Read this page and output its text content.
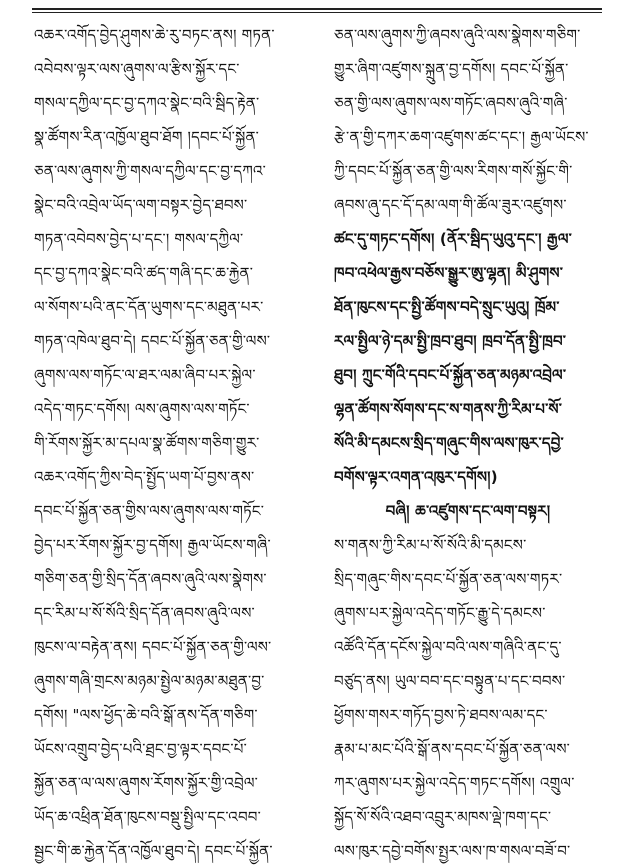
འཆར་འགོད་བྱེད་ཤུགས་ཆེ་རུ་བཏང་ནས། གཏན་
འབེབས་ལྟར་ལས་ཞུགས་ལ་རྩིས་སྐྱོར་དང་
གསལ་དཀྱིལ་དང་བྱ་དཀའ་སྣེང་བའི་སྦིད་རྟེན་
སྣ་ཚོགས་རིན་འཁྱོལ་ཐུབ་ཐོག །དབང་པོ་སྐྱོན་
ཅན་ལས་ཞུགས་ཀྱི་གསལ་དཀྱིལ་དང་བྱ་དཀའ་
སྣེང་བའི་འབྲེལ་ཡོད་ལག་བསྟར་བྱེད་ཐབས་
གཏན་འབེབས་བྱེད་པ་དང་། གསལ་དཀྱིལ་
དང་བྱ་དཀའ་སྣེང་བའི་ཚད་གཞི་དང་ཆ་རྐྱེན་
ལ་སོགས་པའི་ནང་དོན་ཡུགས་དང་མཐུན་པར་
གཏན་འཁེལ་ཐུབ་དེ། དབང་པོ་སྐྱོན་ཅན་གྱི་ལས་
ཞུགས་ལས་གཏོང་ལ་ཐར་ལམ་ཞིབ་པར་སྐྱེལ་
འདེད་གཏང་དགོས། ལས་ཞུགས་ལས་གཏོང་
གི་རོགས་སྐྱོར་མ་དཔལ་སྣ་ཚོགས་གཅིག་གྱུར་
འཆར་འགོད་ཀྱིས་བེད་སྤྱོད་ཡག་པོ་བྱས་ནས་
དབང་པོ་སྐྱོན་ཅན་གྱིས་ལས་ཞུགས་ལས་གཏོང་
བྱེད་པར་རོགས་སྐྱོར་བྱ་དགོས། རྒྱལ་ཡོངས་གཞི་
གཅིག་ཅན་གྱི་སྲིད་དོན་ཞབས་ཞུའི་ལས་སྣེགས་
དང་རིམ་པ་སོ་སོའི་སྲིད་དོན་ཞབས་ཞུའི་ལས་
ཁུངས་ལ་བརྟེན་ནས། དབང་པོ་སྐྱོན་ཅན་གྱི་ལས་
ཞུགས་གཞི་གྲངས་མཉམ་སྤྱེལ་མཉམ་མཐུན་བྱ་
དགོས། "ལས་ཕྱོད་ཆེ་བའི་སྒོ་ནས་དོན་གཅིག་
ཡོངས་འགྲུབ་བྱེད་པའི་ཐྲང་བྱ་ལྟར་དབང་པོ་
སྐྱོན་ཅན་ལ་ལས་ཞུགས་རོགས་སྐྱོར་གྱི་འབྲེལ་
ཡོད་ཆ་འཕྲིན་ཐོན་ཁུངས་བསྡུ་སྤྱིལ་དང་འབབ་
སྦྱང་གི་ཆ་རྐྱེན་དོན་འཁྱོལ་ཐུབ་དེ། དབང་པོ་སྐྱོན་
ཅན་ལས་ཞུགས་ཀྱི་ཞབས་ཞུའི་ལས་སྣེགས་གཅིག་
གྱུར་ཞིག་འཛུགས་སྐྲུན་བྱ་དགོས། དབང་པོ་སྐྱོན་
ཅན་གྱི་ལས་ཞུགས་ལས་གཏོང་ཞབས་ཞུའི་གཞི་
རྩེ་ན་གྱི་དཀར་ཆག་འཛུགས་ཚང་དང་། རྒྱལ་ཡོངས་
ཀྱི་དབང་པོ་སྐྱོན་ཅན་གྱི་ལས་རིགས་གསོ་སྐྱོང་གི་
ཞབས་ཞུ་དང་དོ་དམ་ལག་གི་ཚོལ་ཟུར་འཛུགས་
ཚང་དུ་གཏང་དགོས། (ནོར་སྦིད་ཡུའུ་དང་། རྒྱལ་
ཁབ་འཕེལ་རྒྱས་བཅོས་སྒྱུར་ཨུ་ལྷན། མི་ཤུགས་
ཐོན་ཁུངས་དང་སྤྱི་ཚོགས་བདེ་སྲུང་ཡུའུ། ཁྲོམ་
རལ་སྤྱིལ་ཉེ་དམ་སྤྱི་ཁྲབ་ཐུབ། ཁྲབ་དོན་སྤྱི་ཁྲབ་
ཐུབ། ཀྲུང་གོའི་དབང་པོ་སྐྱོན་ཅན་མཉམ་འབྲེལ་
ལྷན་ཚོགས་སོགས་དང་ས་གནས་ཀྱི་རིམ་པ་སོ་
སོའི་མི་དམངས་སྲིད་གཞུང་གིས་ལས་ཁུར་དབྱེ་
བགོས་ལྟར་འགན་འཁུར་དགོས།)
བཞི། ཆ་འཛུགས་དང་ལག་བསྟར།
ས་གནས་ཀྱི་རིམ་པ་སོ་སོའི་མི་དམངས་
སྲིད་གཞུང་གིས་དབང་པོ་སྐྱོན་ཅན་ལས་གཏར་
ཞུགས་པར་སྐྱེལ་འདེད་གཏོང་རྒྱུ་དེ་དམངས་
འཚོའི་དོན་དངོས་སྐྱེལ་བའི་ལས་གཞིའི་ནང་དུ་
བཙུད་ནས། ཡུལ་བབ་དང་བསྟུན་པ་དང་བབས་
ཕྱོགས་གསར་གཏོད་བྱས་ཏེ་ཐབས་ལམ་དང་
རྣམ་པ་མང་པོའི་སྒོ་ནས་དབང་པོ་སྐྱོན་ཅན་ལས་
ཀར་ཞུགས་པར་སྐྱེལ་འདེད་གཏང་དགོས། འགྲུལ་
སྐྱོད་སོ་སོའི་འཐབ་འབྲུར་མཁས་ལྡེ་ཁག་དང་
ལས་ཁུར་དབྱེ་བགོས་སྤྱར་ལས་ཁ་གསལ་བཟོ་བ་
